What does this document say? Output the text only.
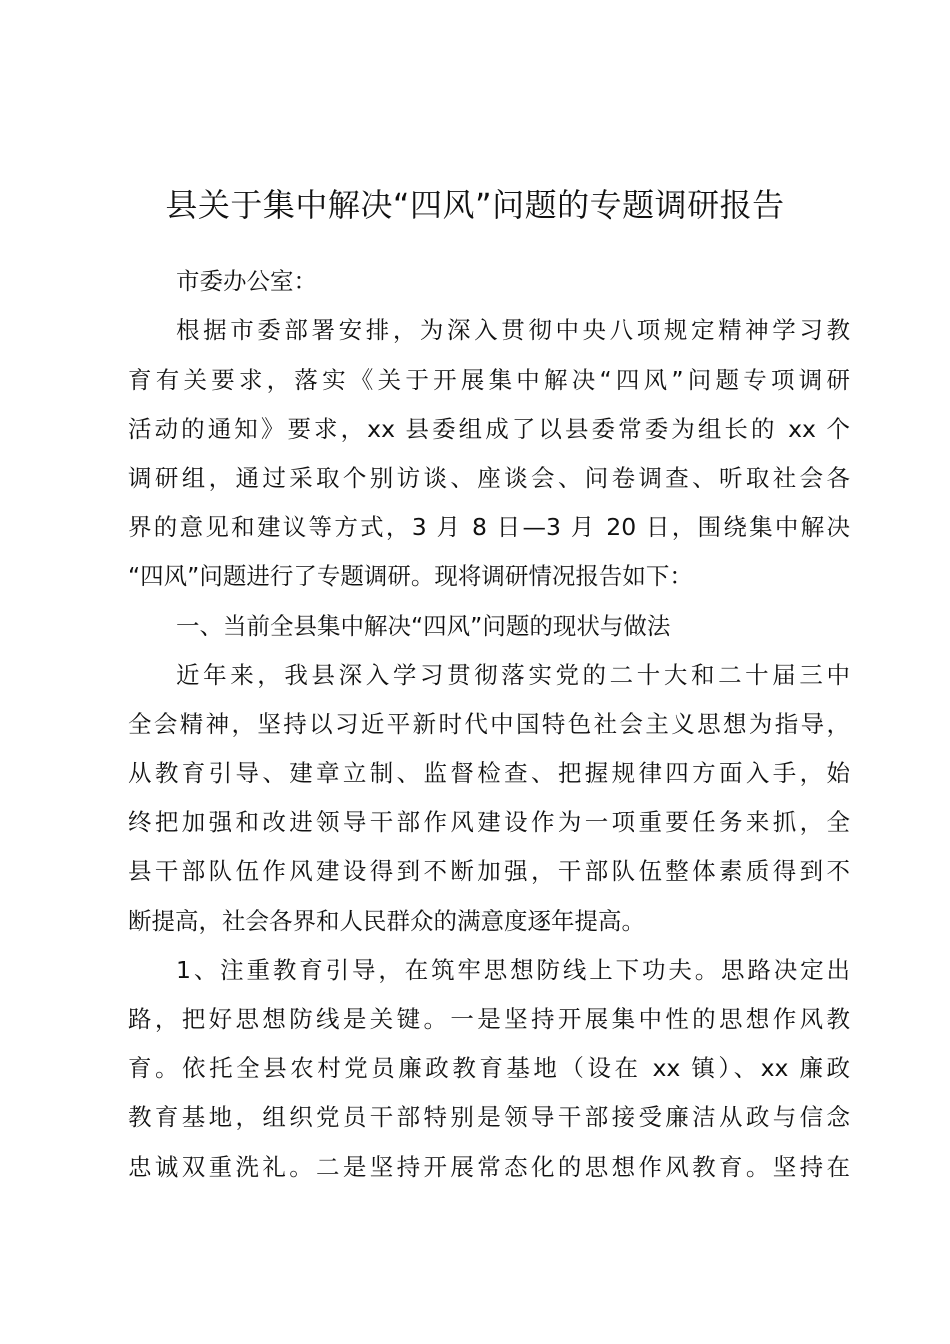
县关于集中解决“四风”问题的专题调研报告
市委办公室：
根据市委部署安排，为深入贯彻中央八项规定精神学习教
育有关要求，落实《关于开展集中解决“四风”问题专项调研
活动的通知》要求，xx 县委组成了以县委常委为组长的 xx 个
调研组，通过采取个别访谈、座谈会、问卷调查、听取社会各
界的意见和建议等方式，3 月 8 日—3 月 20 日，围绕集中解决
“四风”问题进行了专题调研。现将调研情况报告如下：
一、当前全县集中解决“四风”问题的现状与做法
近年来，我县深入学习贯彻落实党的二十大和二十届三中
全会精神，坚持以习近平新时代中国特色社会主义思想为指导，
从教育引导、建章立制、监督检查、把握规律四方面入手，始
终把加强和改进领导干部作风建设作为一项重要任务来抓，全
县干部队伍作风建设得到不断加强，干部队伍整体素质得到不
断提高，社会各界和人民群众的满意度逐年提高。
1、注重教育引导，在筑牢思想防线上下功夫。思路决定出
路，把好思想防线是关键。一是坚持开展集中性的思想作风教
育。依托全县农村党员廉政教育基地（设在 xx 镇）、xx 廉政
教育基地，组织党员干部特别是领导干部接受廉洁从政与信念
忠诚双重洗礼。二是坚持开展常态化的思想作风教育。坚持在
